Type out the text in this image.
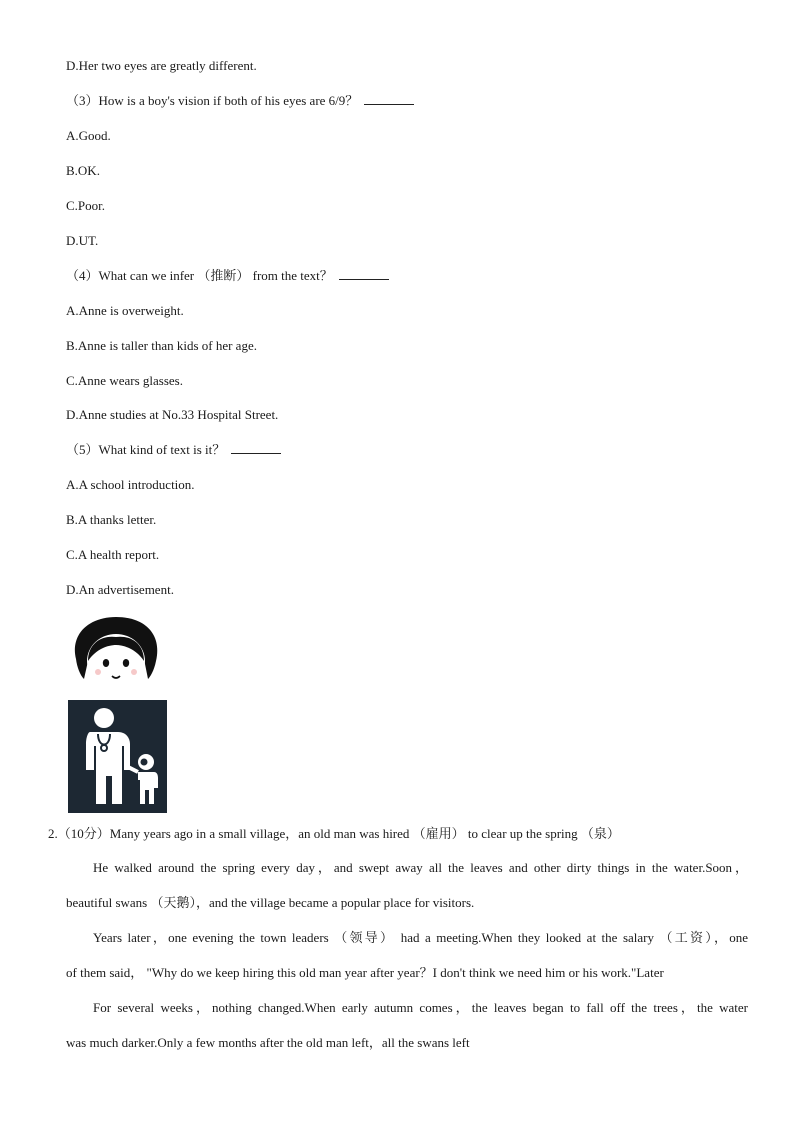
D.Her two eyes are greatly different.
（3）How is a boy's vision if both of his eyes are 6/9？
A.Good.
B.OK.
C.Poor.
D.UT.
（4）What can we infer （推断） from the text？
A.Anne is overweight.
B.Anne is taller than kids of her age.
C.Anne wears glasses.
D.Anne studies at No.33 Hospital Street.
（5）What kind of text is it？
A.A school introduction.
B.A thanks letter.
C.A health report.
D.An advertisement.
2.（10分）Many years ago in a small village，an old man was hired （雇用） to clear up the spring （泉）
He walked around the spring every day，and swept away all the leaves and other dirty things in the water.Soon，
beautiful swans （天鹅），and the village became a popular place for visitors.
Years later，one evening the town leaders （领导） had a meeting.When they looked at the salary （工资），one
of them said， "Why do we keep hiring this old man year after year？I don't think we need him or his work."Later
For several weeks，nothing changed.When early autumn comes，the leaves began to fall off the trees，the water
was much darker.Only a few months after the old man left，all the swans left
